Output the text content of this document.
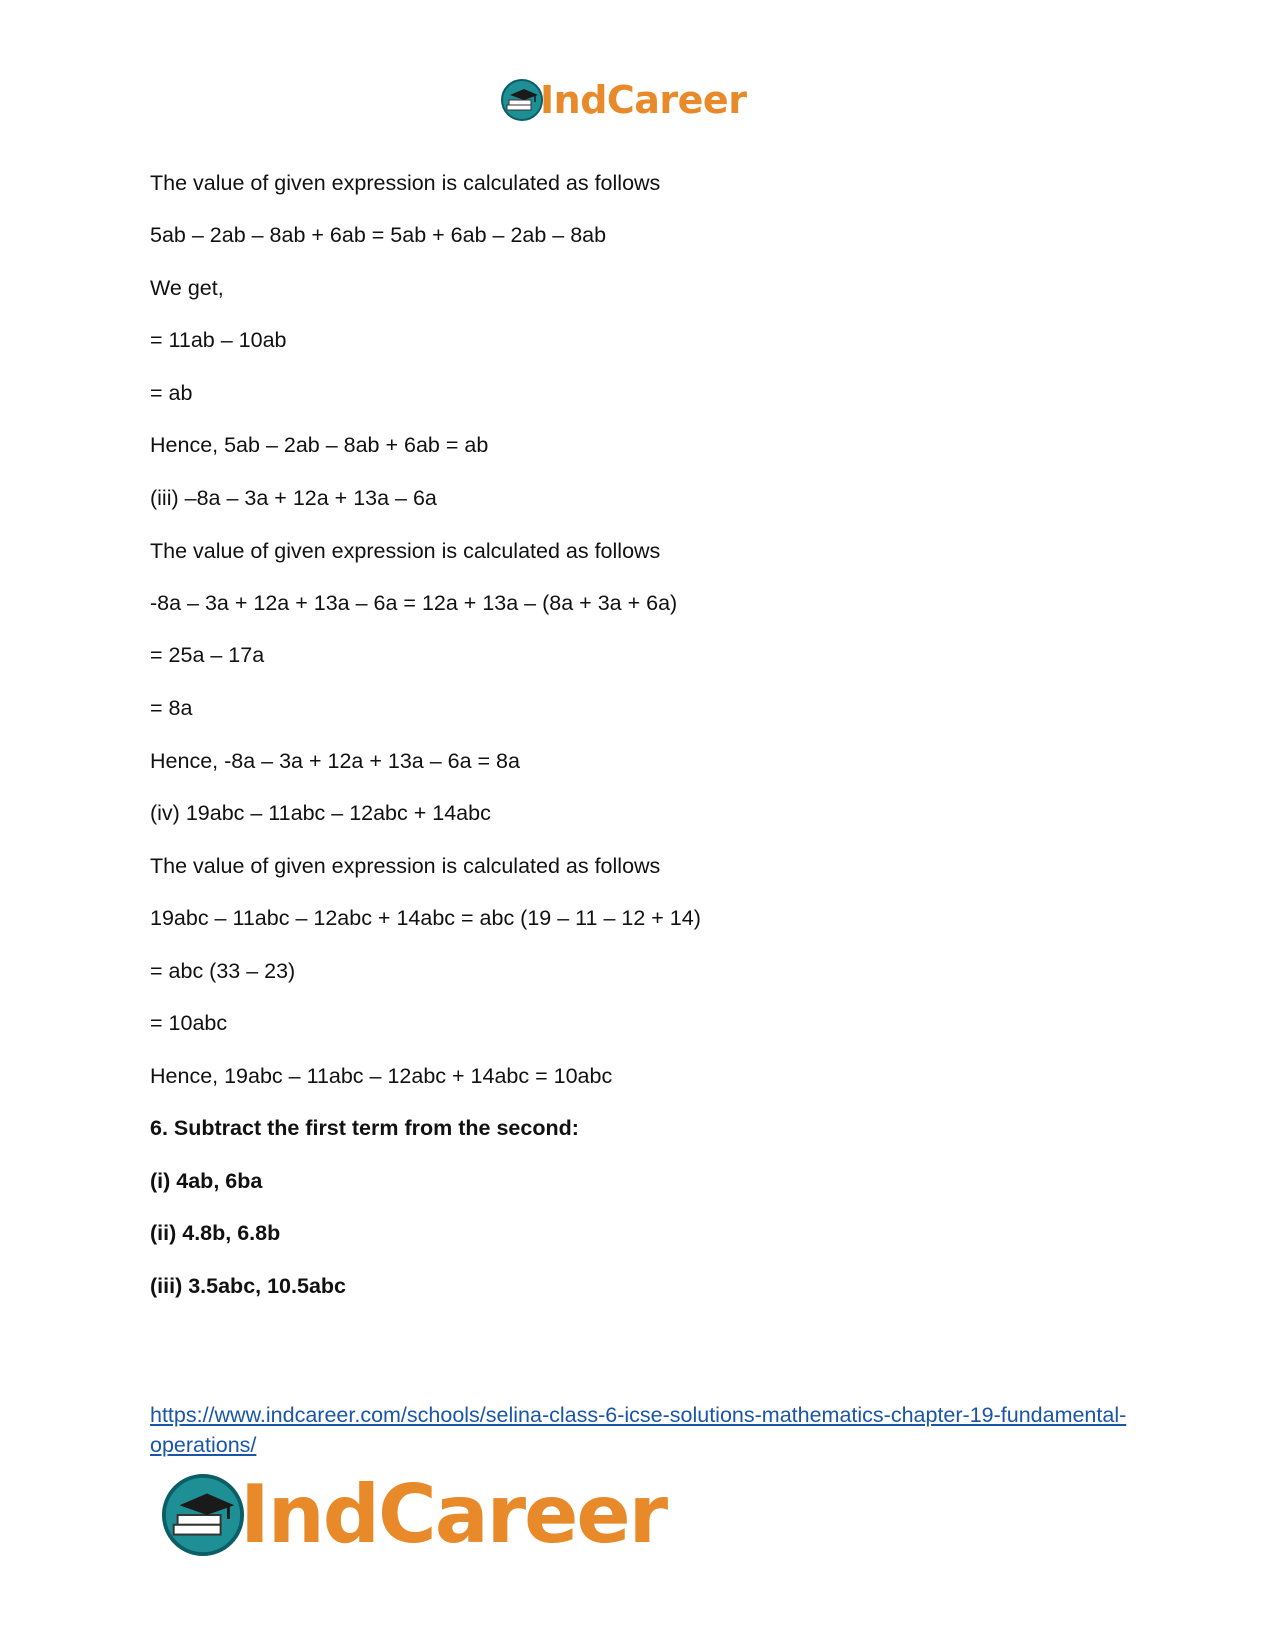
IndCareer
The value of given expression is calculated as follows
5ab – 2ab – 8ab + 6ab = 5ab + 6ab – 2ab – 8ab
We get,
= 11ab – 10ab
= ab
Hence, 5ab – 2ab – 8ab + 6ab = ab
(iii) –8a – 3a + 12a + 13a – 6a
The value of given expression is calculated as follows
-8a – 3a + 12a + 13a – 6a = 12a + 13a – (8a + 3a + 6a)
= 25a – 17a
= 8a
Hence, -8a – 3a + 12a + 13a – 6a = 8a
(iv) 19abc – 11abc – 12abc + 14abc
The value of given expression is calculated as follows
19abc – 11abc – 12abc + 14abc = abc (19 – 11 – 12 + 14)
= abc (33 – 23)
= 10abc
Hence, 19abc – 11abc – 12abc + 14abc = 10abc
6. Subtract the first term from the second:
(i) 4ab, 6ba
(ii) 4.8b, 6.8b
(iii) 3.5abc, 10.5abc
https://www.indcareer.com/schools/selina-class-6-icse-solutions-mathematics-chapter-19-fundamental-operations/
IndCareer
